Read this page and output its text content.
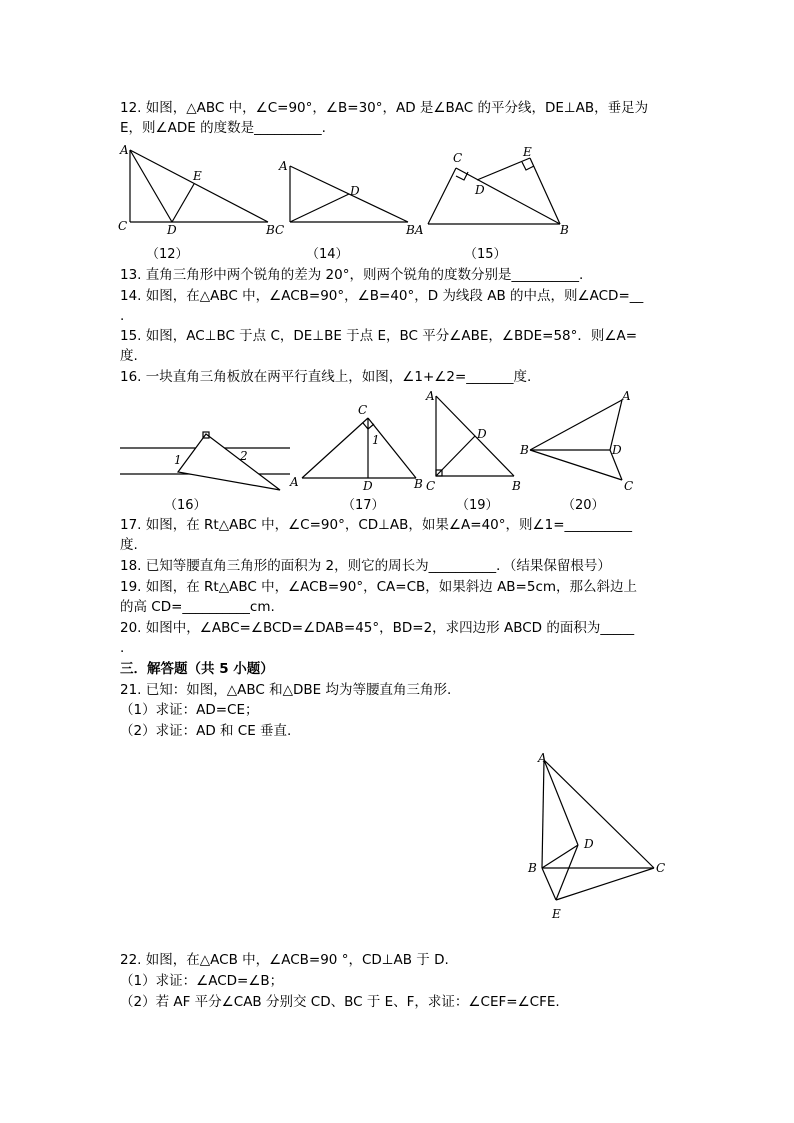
12. 如图，△ABC 中，∠C=90°，∠B=30°，AD 是∠BAC 的平分线，DE⊥AB，垂足为
E，则∠ADE 的度数是__________.
A
C	D
E
BC
A
D
BA
C	E
D
B
（12）	（14）	（15）
13. 直角三角形中两个锐角的差为 20°，则两个锐角的度数分别是__________.
14. 如图，在△ABC 中，∠ACB=90°，∠B=40°，D 为线段 AB 的中点，则∠ACD=__
.
15. 如图，AC⊥BC 于点 C，DE⊥BE 于点 E，BC 平分∠ABE，∠BDE=58°．则∠A=
度.
16. 一块直角三角板放在两平行直线上，如图，∠1+∠2=_______度.
1	2
C
1
A	D	B
A
D
C	B
A
B	D
C
（16）	（17）	（19）	（20）
17. 如图，在 Rt△ABC 中，∠C=90°，CD⊥AB，如果∠A=40°，则∠1=__________
度.
18. 已知等腰直角三角形的面积为 2，则它的周长为__________．（结果保留根号）
19. 如图，在 Rt△ABC 中，∠ACB=90°，CA=CB，如果斜边 AB=5cm，那么斜边上
的高 CD=__________cm.
20. 如图中，∠ABC=∠BCD=∠DAB=45°，BD=2，求四边形 ABCD 的面积为_____
.
三．解答题（共 5 小题）
21. 已知：如图，△ABC 和△DBE 均为等腰直角三角形.
（1）求证：AD=CE；
（2）求证：AD 和 CE 垂直.
A
D
B	C
E
22. 如图，在△ACB 中，∠ACB=90 °，CD⊥AB 于 D.
（1）求证：∠ACD=∠B；
（2）若 AF 平分∠CAB 分别交 CD、BC 于 E、F，求证：∠CEF=∠CFE.
